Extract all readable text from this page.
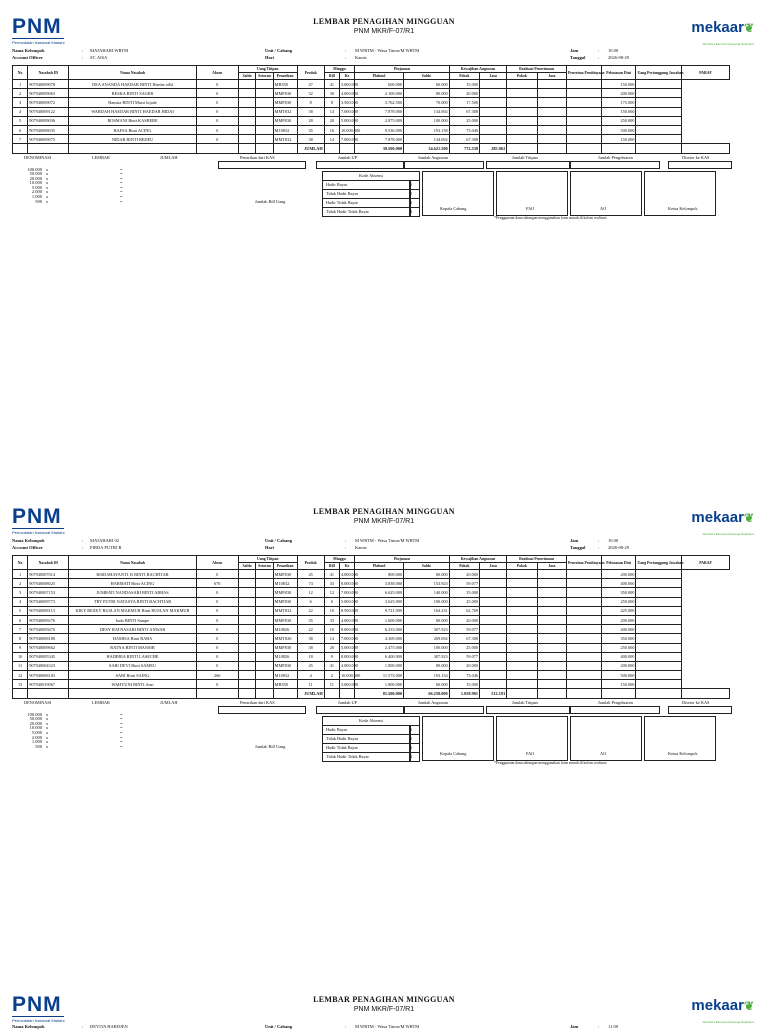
PNM
Permodalan Nasional Madani
LEMBAR PENAGIHAN MINGGUAN
PNM MKR/F-07/R1	mekaar❦
Membina Ekonomi Keluarga Sejahtera
Nama Kelompok	: MATAHARI WRTM
Account Officer	: ST. AISA
Unit / Cabang	: M WRTM - Wasa Timur/M WRTM
Hari	: Kamis
Jam	: 10.00
Tanggal	: 2026-08-29
No	Nasabah ID	Nama Nasabah	Absen	Uang Titipan			Produk	Minggu		Pinjaman		Kewajiban Angsuran		Realisasi Penerimaan		Penerima Pembiayaan	Pelunasan Dini	Uang Pertanggung Jawaban	PARAF
				Saldo	Setoran	Penarikan		Rill	Ke	Plafond	Saldo	Pokok	Jasa	Pokok	Jasa				
1	907940009078	DEA ANANDA HAEDAR BINTI Haedar rdhl	0			MB358	47	41	3.000.000	600.000	60.000	15.000					150.000		
2	907940009063	RESKA BINTI SAGER	0			MMF830	32	30	4.000.000	2.100.000	80.000	20.000					200.000		
3	907940009072	Hamsia BINTI Mursi hijade	0			MMF830	8	8	3.500.000	3.762.500	70.000	17.500					175.000		
4	907940009122	WARDAH HAEDAR BINTI HAEDAR HIDAI	0			MMT832	38	14	7.000.000	7.878.000	134.692	67.308					150.000		
5	907940009036	ROSMANI Binti KASBERE	0			MMF830	28	20	5.000.000	2.875.000	100.000	25.000					250.000		
6	907940008035	HAFSA Binti ACING	0			M10832	35	16	10.000.000	9.536.000	193.158	73.046					500.000		
7	907940009075	NIDAR BINTI BEDEU	0			MMT832	38	14	7.000.000	7.878.000	134.692	67.308					150.000		
							JUMLAH			39.500.000	34.621.500	772.538	285.962						
DENOMINASI	LEMBAR	JUMLAH	Penarikan dari KAS	Jumlah UP	Jumlah Angsuran	Jumlah Titipan	Jumlah Pengeluaran	Disetor ke KAS
100.000 x	=
50.000 x	=
20.000 x	=
10.000 x	=
5.000 x	=
2.000 x	=
1.000 x	=
500 x	=	Jumlah Bill Uang
Kode Absensi
Hadir Bayar	1
Tidak Hadir Bayar	2
Hadir Tidak Bayar	3
Tidak Hadir Tidak Bayar	4
Kepala Cabang	FAO	AO	Ketua Kelompok
*Penggunaan dana tabungan menggunakan form murah di kolom realisasi
PNM
Permodalan Nasional Madani
LEMBAR PENAGIHAN MINGGUAN
PNM MKR/F-07/R1	mekaar❦
Membina Ekonomi Keluarga Sejahtera
Nama Kelompok	: MATAHARI 02
Account Officer	: FIRDA PUTRI R
Unit / Cabang	: M WRTM - Wasa Timur/M WRTM
Hari	: Kamis
Jam	: 10.00
Tanggal	: 2026-08-29
No	Nasabah ID	Nama Nasabah	Absen	Uang Titipan			Produk	Minggu		Pinjaman		Kewajiban Angsuran		Realisasi Penerimaan		Penerima Pembiayaan	Pelunasan Dini	Uang Pertanggung Jawaban	PARAF
				Saldo	Setoran	Penarikan		Rill	Ke	Plafond	Saldo	Pokok	Jasa	Pokok	Jasa				
1	907940007014	RISDAHAYANTI. R BINTI BACHTIAR	0			MMF830	45	41	4.000.000	800.000	80.000	20.000					200.000		
2	907940008025	HARMATI Binti ACING	670			M10832	74	33	8.000.000	3.838.000	153.923	59.077					400.000		
3	907940007153	JUMRATI NANDASARI BINTI ABBAS	0			MMF830	12	12	7.000.000	6.625.000	140.000	35.000					350.000		
4	907940009773	TRY PUTRI NATASYA BINTI BACHTIAR	0			MMF830	6	6	5.000.000	3.625.000	100.000	25.000					250.000		
5	907940008113	KIKY REZKY RUSLAN MAKMUR Binti RUSLAN MAKMUR	0			MMT832	22	10	8.500.000	9.721.000	164.231	62.769					425.000		
6	907940009276	Indo BINTI Sampe	0			MMF830	35	33	4.000.000	1.600.000	80.000	20.000					200.000		
7	907940005670	DESY RATNASARI BINTI ANWAR	0			M10826	22	10	8.000.000	6.233.000	307.923	59.077					400.000		
8	907940008188	HAMISA Binti BABA	0			MMT826	38	14	7.000.000	4.369.000	269.692	67.308					350.000		
9	907940009662	RATNA BINTI MANSIR	0			MMF830	38	20	5.000.000	2.475.000	100.000	25.000					250.000		
10	907940005345	HADERIA BINTI LASECHE	0			M10826	18	9	8.000.000	6.400.000	307.923	59.077					400.000		
11	907940004323	SARI DEVI Binti SAMEU	0			MMF830	45	41	4.000.000	1.800.000	80.000	20.000					200.000		
12	907940008183	SABI Binti SAING	266			M10832	4	2	10.000.000	11.573.000	193.154	73.046					500.000		
13	907940019067	WAHYUNI BINTI Ansi	0			MB358	11	11	3.000.000	1.800.000	60.000	15.000					150.000		
							JUMLAH			81.500.000	66.258.000	1.058.901	512.191						
DENOMINASI	LEMBAR	JUMLAH	Penarikan dari KAS	Jumlah UP	Jumlah Angsuran	Jumlah Titipan	Jumlah Pengeluaran	Disetor ke KAS
100.000 x	=
50.000 x	=
20.000 x	=
10.000 x	=
5.000 x	=
2.000 x	=
1.000 x	=
500 x	=	Jumlah Bill Uang
Kode Absensi
Hadir Bayar	1
Tidak Hadir Bayar	2
Hadir Tidak Bayar	3
Tidak Hadir Tidak Bayar	4
Kepala Cabang	FAO	AO	Ketua Kelompok
*Penggunaan dana tabungan menggunakan form murah di kolom realisasi
PNM
Permodalan Nasional Madani
LEMBAR PENAGIHAN MINGGUAN
PNM MKR/F-07/R1	mekaar❦
Membina Ekonomi Keluarga Sejahtera
Nama Kelompok	: DEVITA HARDJEN	Unit / Cabang	: M WRTM - Wasa Timur/M WRTM	Jam	: 11.00
